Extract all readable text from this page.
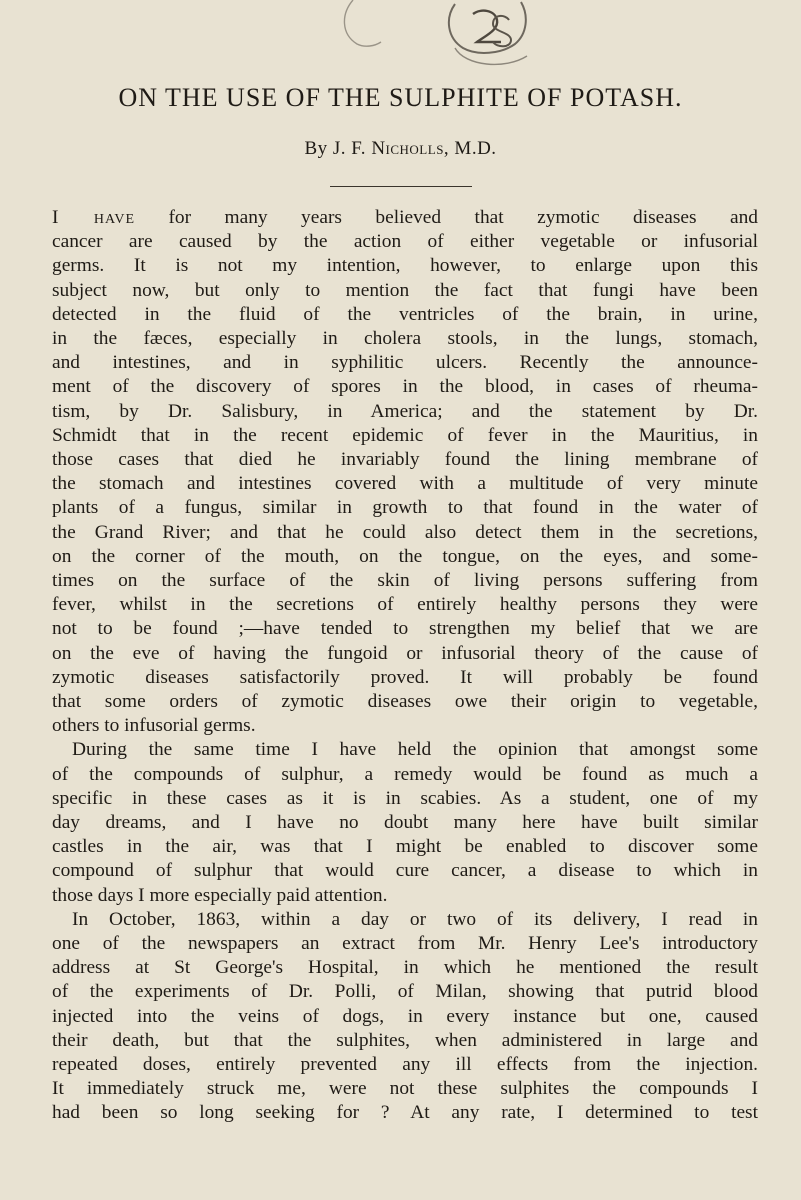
ON THE USE OF THE SULPHITE OF POTASH.
By J. F. Nicholls, M.D.
I have for many years believed that zymotic diseases and
cancer are caused by the action of either vegetable or infusorial
germs. It is not my intention, however, to enlarge upon this
subject now, but only to mention the fact that fungi have been
detected in the fluid of the ventricles of the brain, in urine,
in the fæces, especially in cholera stools, in the lungs, stomach,
and intestines, and in syphilitic ulcers. Recently the announce-
ment of the discovery of spores in the blood, in cases of rheuma-
tism, by Dr. Salisbury, in America; and the statement by Dr.
Schmidt that in the recent epidemic of fever in the Mauritius, in
those cases that died he invariably found the lining membrane of
the stomach and intestines covered with a multitude of very minute
plants of a fungus, similar in growth to that found in the water of
the Grand River; and that he could also detect them in the secretions,
on the corner of the mouth, on the tongue, on the eyes, and some-
times on the surface of the skin of living persons suffering from
fever, whilst in the secretions of entirely healthy persons they were
not to be found ;—have tended to strengthen my belief that we are
on the eve of having the fungoid or infusorial theory of the cause of
zymotic diseases satisfactorily proved. It will probably be found
that some orders of zymotic diseases owe their origin to vegetable,
others to infusorial germs.
During the same time I have held the opinion that amongst some
of the compounds of sulphur, a remedy would be found as much a
specific in these cases as it is in scabies. As a student, one of my
day dreams, and I have no doubt many here have built similar
castles in the air, was that I might be enabled to discover some
compound of sulphur that would cure cancer, a disease to which in
those days I more especially paid attention.
In October, 1863, within a day or two of its delivery, I read in
one of the newspapers an extract from Mr. Henry Lee's introductory
address at St George's Hospital, in which he mentioned the result
of the experiments of Dr. Polli, of Milan, showing that putrid blood
injected into the veins of dogs, in every instance but one, caused
their death, but that the sulphites, when administered in large and
repeated doses, entirely prevented any ill effects from the injection.
It immediately struck me, were not these sulphites the compounds I
had been so long seeking for ? At any rate, I determined to test
